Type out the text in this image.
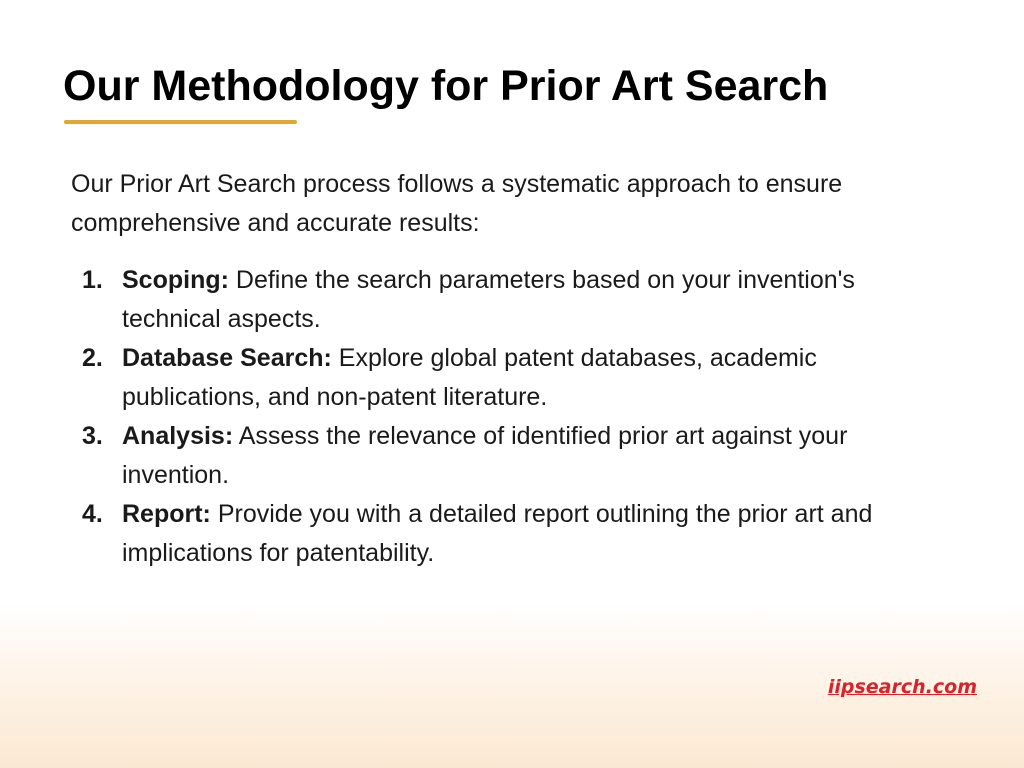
Our Methodology for Prior Art Search

Our Prior Art Search process follows a systematic approach to ensure comprehensive and accurate results:

1. Scoping: Define the search parameters based on your invention's technical aspects.
2. Database Search: Explore global patent databases, academic publications, and non-patent literature.
3. Analysis: Assess the relevance of identified prior art against your invention.
4. Report: Provide you with a detailed report outlining the prior art and implications for patentability.
iipsearch.com
